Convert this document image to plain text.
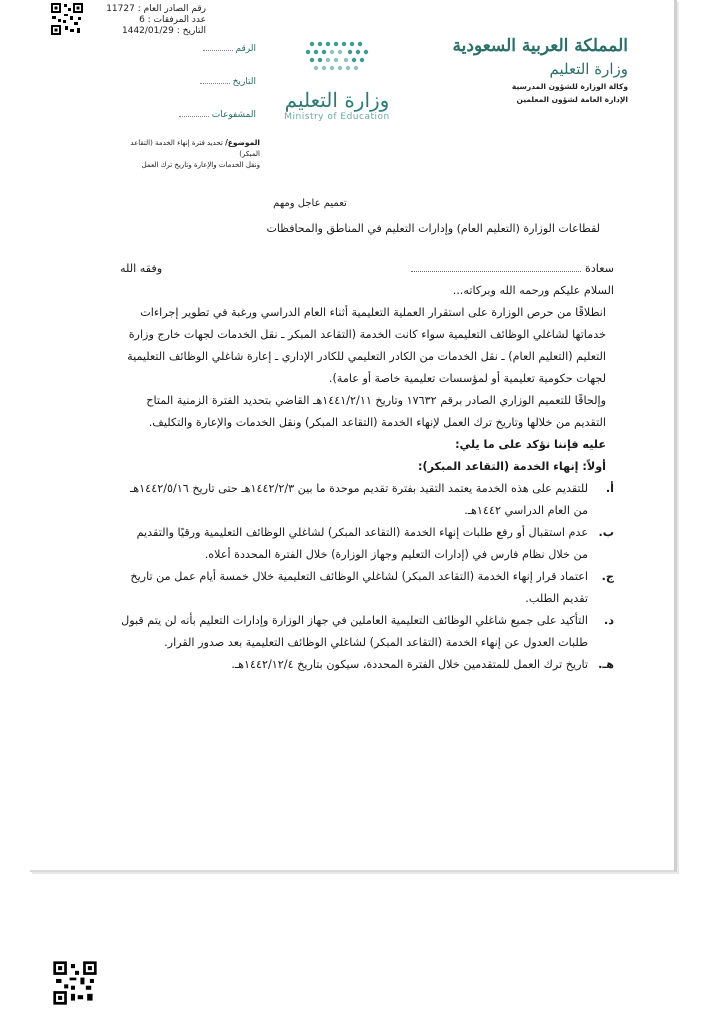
رقم الصادر العام : 11727
عدد المرفقات : 6
التاريخ : 1442/01/29
المملكة العربية السعودية
وزارة التعليم
وكالة الوزارة للشؤون المدرسية
الإدارة العامة لشؤون المعلمين
وزارة التعليم
Ministry of Education
الرقم
التاريخ
المشفوعات
الموضوع/ تحديد فترة إنهاء الخدمة (التقاعد المبكر)
ونقل الخدمات والإعارة وتاريخ ترك العمل
تعميم عاجل ومهم
لقطاعات الوزارة (التعليم العام) وإدارات التعليم في المناطق والمحافظات

سعادة
وفقه الله

السلام عليكم ورحمه الله وبركاته...

انطلاقًا من حرص الوزارة على استقرار العملية التعليمية أثناء العام الدراسي ورغبة في تطوير إجراءات خدماتها لشاغلي الوظائف التعليمية سواء كانت الخدمة (التقاعد المبكر ـ نقل الخدمات لجهات خارج وزارة التعليم (التعليم العام) ـ نقل الخدمات من الكادر التعليمي للكادر الإداري ـ إعارة شاغلي الوظائف التعليمية لجهات حكومية تعليمية أو لمؤسسات تعليمية خاصة أو عامة).

وإلحاقًا للتعميم الوزاري الصادر برقم ١٧٦٣٢ وتاريخ ١٤٤١/٢/١١هـ القاضي بتحديد الفترة الزمنية المتاح التقديم من خلالها وتاريخ ترك العمل لإنهاء الخدمة (التقاعد المبكر) ونقل الخدمات والإعارة والتكليف.

عليه فإننا نؤكد على ما يلي:

أولاً: إنهاء الخدمة (التقاعد المبكر):

أ.
للتقديم على هذه الخدمة يعتمد التقيد بفترة تقديم موحدة ما بين ١٤٤٢/٢/٣هـ حتى تاريخ ١٤٤٢/٥/١٦هـ من العام الدراسي ١٤٤٢هـ.
ب.
عدم استقبال أو رفع طلبات إنهاء الخدمة (التقاعد المبكر) لشاغلي الوظائف التعليمية ورقيًا والتقديم من خلال نظام فارس في (إدارات التعليم وجهاز الوزارة) خلال الفترة المحددة أعلاه.
ج.
اعتماد قرار إنهاء الخدمة (التقاعد المبكر) لشاغلي الوظائف التعليمية خلال خمسة أيام عمل من تاريخ تقديم الطلب.
د.
التأكيد على جميع شاغلي الوظائف التعليمية العاملين في جهاز الوزارة وإدارات التعليم بأنه لن يتم قبول طلبات العدول عن إنهاء الخدمة (التقاعد المبكر) لشاغلي الوظائف التعليمية بعد صدور القرار.
هـ.
تاريخ ترك العمل للمتقدمين خلال الفترة المحددة، سيكون بتاريخ ١٤٤٢/١٢/٤هـ.
